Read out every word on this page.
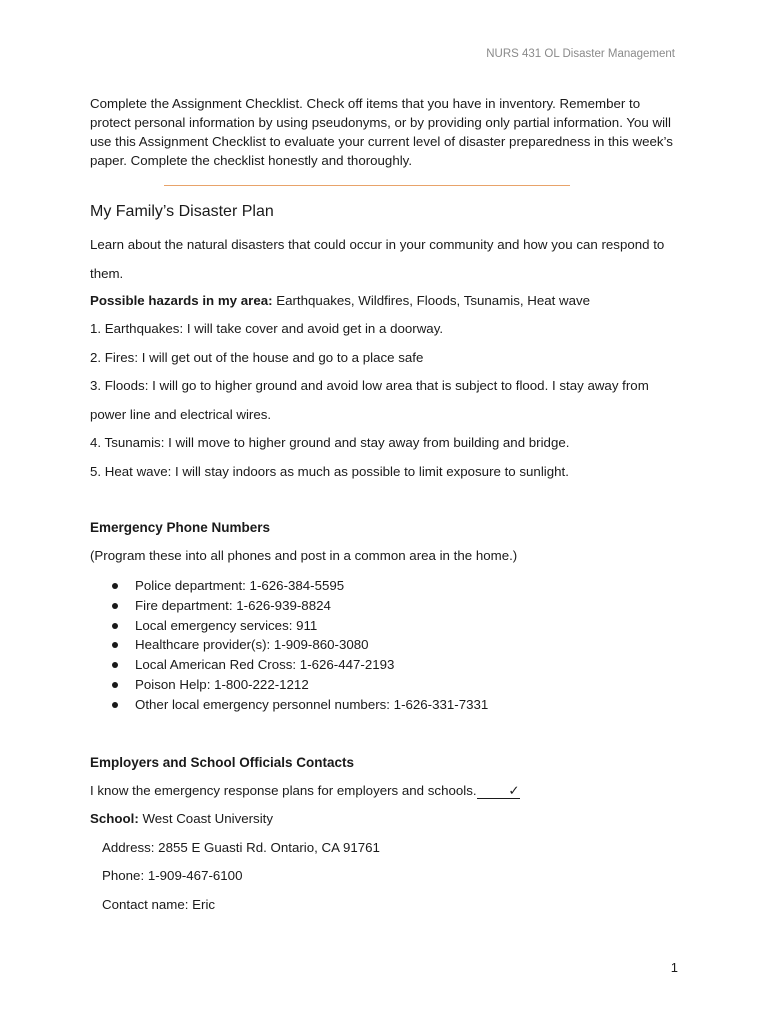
NURS 431 OL Disaster Management

Complete the Assignment Checklist. Check off items that you have in inventory. Remember to protect personal information by using pseudonyms, or by providing only partial information. You will use this Assignment Checklist to evaluate your current level of disaster preparedness in this week’s paper. Complete the checklist honestly and thoroughly.

My Family’s Disaster Plan

Learn about the natural disasters that could occur in your community and how you can respond to them.

Possible hazards in my area: Earthquakes, Wildfires, Floods, Tsunamis, Heat wave

1. Earthquakes: I will take cover and avoid get in a doorway.

2. Fires: I will get out of the house and go to a place safe

3. Floods: I will go to higher ground and avoid low area that is subject to flood. I stay away from power line and electrical wires.

4. Tsunamis: I will move to higher ground and stay away from building and bridge.

5. Heat wave: I will stay indoors as much as possible to limit exposure to sunlight.

Emergency Phone Numbers

(Program these into all phones and post in a common area in the home.)

Police department: 1-626-384-5595
Fire department: 1-626-939-8824
Local emergency services: 911
Healthcare provider(s): 1-909-860-3080
Local American Red Cross: 1-626-447-2193
Poison Help: 1-800-222-1212
Other local emergency personnel numbers: 1-626-331-7331
Employers and School Officials Contacts

I know the emergency response plans for employers and schools. ✓

School: West Coast University

Address: 2855 E Guasti Rd. Ontario, CA 91761

Phone: 1-909-467-6100

Contact name: Eric

1
